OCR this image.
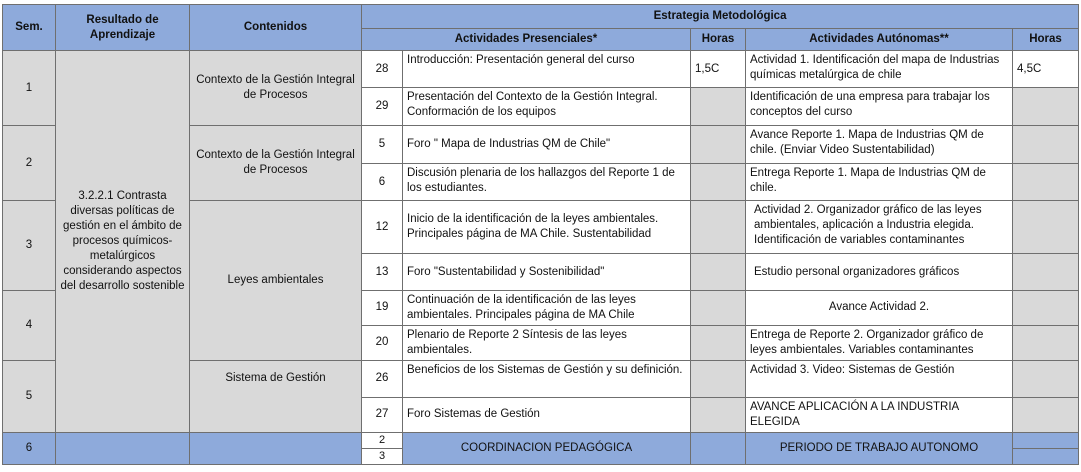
Sem.	Resultado de Aprendizaje	Contenidos	Estrategia Metodológica				
			Actividades Presenciales*		Horas	Actividades Autónomas**	Horas
1	3.2.2.1 Contrasta diversas políticas de gestión en el ámbito de procesos químicos-metalúrgicos considerando aspectos del desarrollo sostenible	Contexto de la Gestión Integral de Procesos	28	Introducción: Presentación general del curso	1,5C	Actividad 1. Identificación del mapa de Industrias químicas metalúrgica de chile	4,5C
			29	Presentación del Contexto de la Gestión Integral. Conformación de los equipos		Identificación de una empresa para trabajar los conceptos del curso	
2		Contexto de la Gestión Integral de Procesos	5	Foro " Mapa de Industrias QM de Chile"		Avance Reporte 1. Mapa de Industrias QM de chile. (Enviar Video Sustentabilidad)	
			6	Discusión plenaria de los hallazgos del Reporte 1 de los estudiantes.		Entrega Reporte 1. Mapa de Industrias QM de chile.	
3		Leyes ambientales	12	Inicio de la identificación de la leyes ambientales. Principales página de MA Chile. Sustentabilidad		Actividad 2. Organizador gráfico de las leyes ambientales, aplicación a Industria elegida. Identificación de variables contaminantes	
			13	Foro "Sustentabilidad y Sostenibilidad"		Estudio personal organizadores gráficos	
4			19	Continuación de la identificación de las leyes ambientales. Principales página de MA Chile		Avance Actividad 2.	
			20	Plenario de Reporte 2 Síntesis de las leyes ambientales.		Entrega de Reporte 2. Organizador gráfico de leyes ambientales. Variables contaminantes	
5		Sistema de Gestión	26	Beneficios de los Sistemas de Gestión y su definición.		Actividad 3. Video: Sistemas de Gestión	
			27	Foro Sistemas de Gestión		AVANCE APLICACIÓN A LA INDUSTRIA ELEGIDA	
6			2	COORDINACION PEDAGÓGICA		PERIODO DE TRABAJO AUTONOMO	
			3				
